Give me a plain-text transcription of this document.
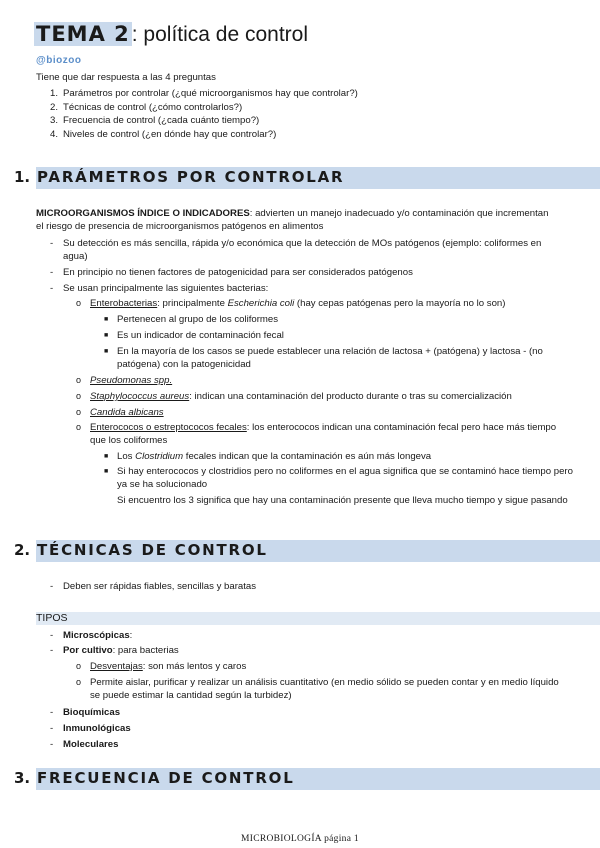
TEMA 2: política de control
@biozoo
Tiene que dar respuesta a las 4 preguntas
1. Parámetros por controlar (¿qué microorganismos hay que controlar?)
2. Técnicas de control (¿cómo controlarlos?)
3. Frecuencia de control (¿cada cuánto tiempo?)
4. Niveles de control (¿en dónde hay que controlar?)
1. PARÁMETROS POR CONTROLAR
MICROORGANISMOS ÍNDICE O INDICADORES: advierten un manejo inadecuado y/o contaminación que incrementan el riesgo de presencia de microorganismos patógenos en alimentos
- Su detección es más sencilla, rápida y/o económica que la detección de MOs patógenos (ejemplo: coliformes en agua)
- En principio no tienen factores de patogenicidad para ser considerados patógenos
- Se usan principalmente las siguientes bacterias:
o Enterobacterias: principalmente Escherichia coli (hay cepas patógenas pero la mayoría no lo son)
■ Pertenecen al grupo de los coliformes
■ Es un indicador de contaminación fecal
■ En la mayoría de los casos se puede establecer una relación de lactosa + (patógena) y lactosa - (no patógena) con la patogenicidad
o Pseudomonas spp.
o Staphylococcus aureus: indican una contaminación del producto durante o tras su comercialización
o Candida albicans
o Enterococos o estreptococos fecales: los enterococos indican una contaminación fecal pero hace más tiempo que los coliformes
■ Los Clostridium fecales indican que la contaminación es aún más longeva
■ Si hay enterococos y clostridios pero no coliformes en el agua significa que se contaminó hace tiempo pero ya se ha solucionado
Si encuentro los 3 significa que hay una contaminación presente que lleva mucho tiempo y sigue pasando
2. TÉCNICAS DE CONTROL
- Deben ser rápidas fiables, sencillas y baratas
TIPOS
- Microscópicas:
- Por cultivo: para bacterias
o Desventajas: son más lentos y caros
o Permite aislar, purificar y realizar un análisis cuantitativo (en medio sólido se pueden contar y en medio líquido se puede estimar la cantidad según la turbidez)
- Bioquímicas
- Inmunológicas
- Moleculares
3. FRECUENCIA DE CONTROL
MICROBIOLOGÍA página 1
